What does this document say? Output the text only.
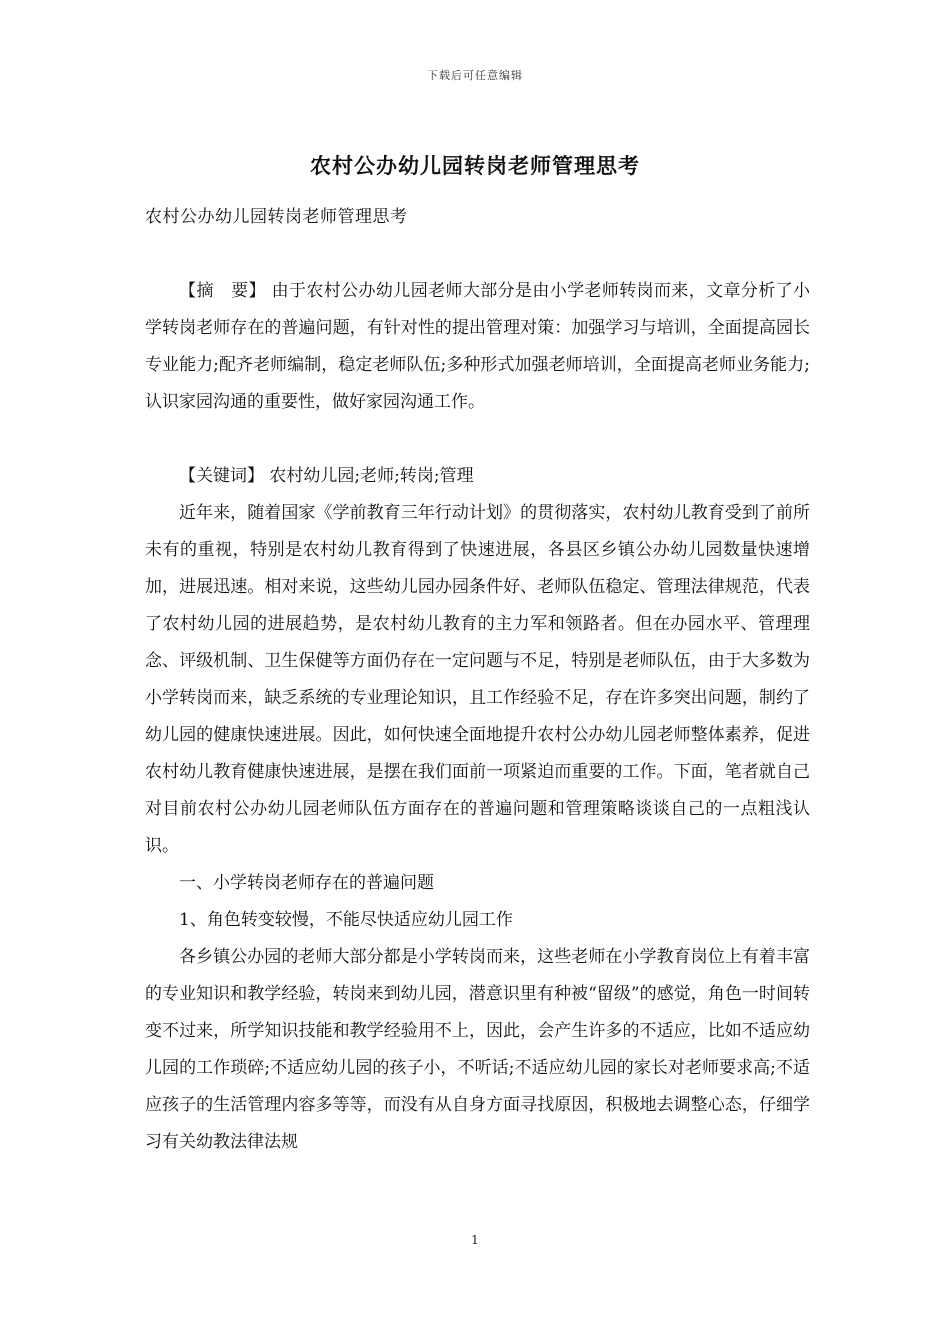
下载后可任意编辑
农村公办幼儿园转岗老师管理思考

农村公办幼儿园转岗老师管理思考

【摘　要】 由于农村公办幼儿园老师大部分是由小学老师转岗而来，文章分析了小学转岗老师存在的普遍问题，有针对性的提出管理对策：加强学习与培训，全面提高园长专业能力;配齐老师编制，稳定老师队伍;多种形式加强老师培训，全面提高老师业务能力;认识家园沟通的重要性，做好家园沟通工作。

【关键词】 农村幼儿园;老师;转岗;管理

近年来，随着国家《学前教育三年行动计划》的贯彻落实，农村幼儿教育受到了前所未有的重视，特别是农村幼儿教育得到了快速进展，各县区乡镇公办幼儿园数量快速增加，进展迅速。相对来说，这些幼儿园办园条件好、老师队伍稳定、管理法律规范，代表了农村幼儿园的进展趋势，是农村幼儿教育的主力军和领路者。但在办园水平、管理理念、评级机制、卫生保健等方面仍存在一定问题与不足，特别是老师队伍，由于大多数为小学转岗而来，缺乏系统的专业理论知识，且工作经验不足，存在许多突出问题，制约了幼儿园的健康快速进展。因此，如何快速全面地提升农村公办幼儿园老师整体素养，促进农村幼儿教育健康快速进展，是摆在我们面前一项紧迫而重要的工作。下面，笔者就自己对目前农村公办幼儿园老师队伍方面存在的普遍问题和管理策略谈谈自己的一点粗浅认识。

一、小学转岗老师存在的普遍问题

1、角色转变较慢，不能尽快适应幼儿园工作

各乡镇公办园的老师大部分都是小学转岗而来，这些老师在小学教育岗位上有着丰富的专业知识和教学经验，转岗来到幼儿园，潜意识里有种被“留级”的感觉，角色一时间转变不过来，所学知识技能和教学经验用不上，因此，会产生许多的不适应，比如不适应幼儿园的工作琐碎;不适应幼儿园的孩子小，不听话;不适应幼儿园的家长对老师要求高;不适应孩子的生活管理内容多等等，而没有从自身方面寻找原因，积极地去调整心态，仔细学习有关幼教法律法规

1
